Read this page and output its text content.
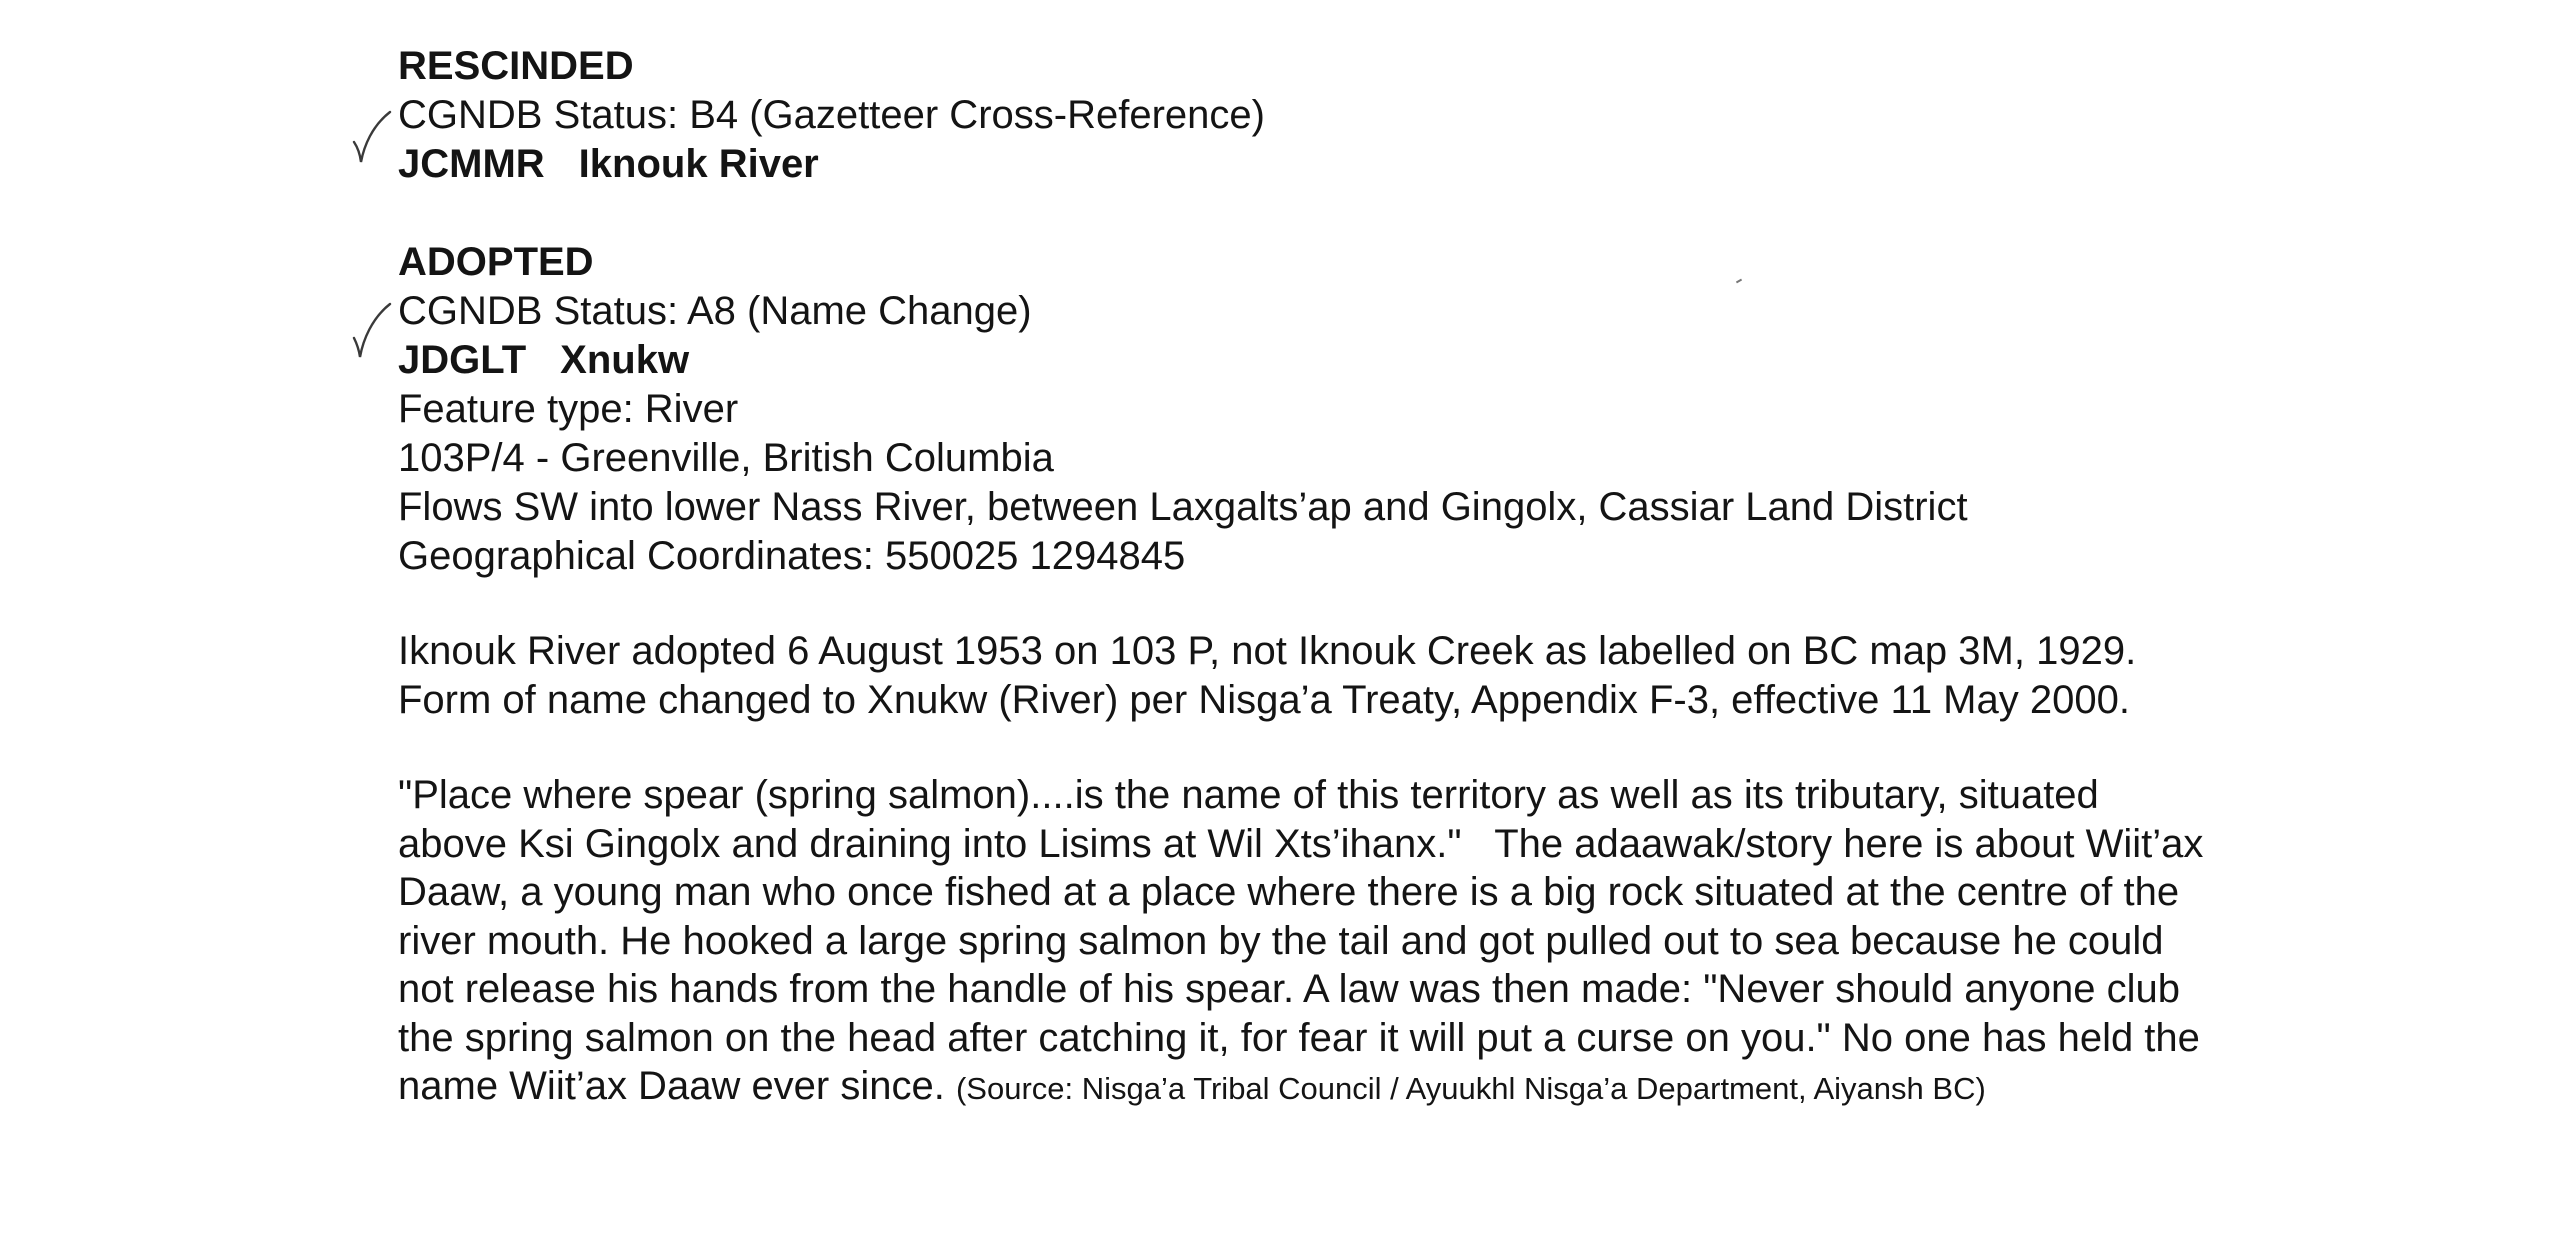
RESCINDED
CGNDB Status: B4 (Gazetteer Cross-Reference)
JCMMR Iknouk River
ADOPTED
CGNDB Status: A8 (Name Change)
JDGLT Xnukw
Feature type: River
103P/4 - Greenville, British Columbia
Flows SW into lower Nass River, between Laxgalts’ap and Gingolx, Cassiar Land District
Geographical Coordinates: 550025 1294845

Iknouk River adopted 6 August 1953 on 103 P, not Iknouk Creek as labelled on BC map 3M, 1929. Form of name changed to Xnukw (River) per Nisga’a Treaty, Appendix F-3, effective 11 May 2000.

"Place where spear (spring salmon)....is the name of this territory as well as its tributary, situated above Ksi Gingolx and draining into Lisims at Wil Xts’ihanx."   The adaawak/story here is about Wiit’ax Daaw, a young man who once fished at a place where there is a big rock situated at the centre of the river mouth. He hooked a large spring salmon by the tail and got pulled out to sea because he could not release his hands from the handle of his spear. A law was then made: "Never should anyone club the spring salmon on the head after catching it, for fear it will put a curse on you." No one has held the name Wiit’ax Daaw ever since. (Source: Nisga’a Tribal Council / Ayuukhl Nisga’a Department, Aiyansh BC)
